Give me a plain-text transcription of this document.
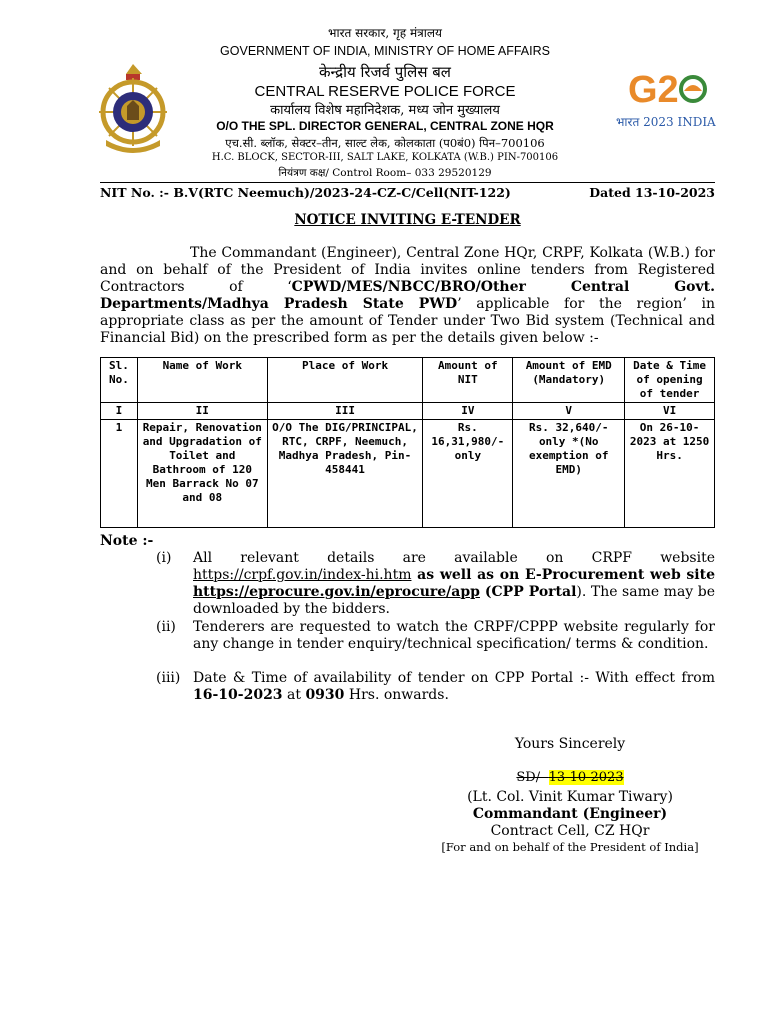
भारत सरकार, गृह मंत्रालय
GOVERNMENT OF INDIA, MINISTRY OF HOME AFFAIRS
केन्द्रीय रिजर्व पुलिस बल
CENTRAL RESERVE POLICE FORCE
कार्यालय विशेष महानिदेशक, मध्य जोन मुख्यालय
O/O THE SPL. DIRECTOR GENERAL, CENTRAL ZONE HQR
एच.सी. ब्लॉक, सेक्टर–तीन, साल्ट लेक, कोलकाता (प0बं0) पिन–700106
H.C. BLOCK, SECTOR-III, SALT LAKE, KOLKATA (W.B.) PIN-700106
नियंत्रण कक्ष/ Control Room– 033 29520129
G2
भारत 2023 INDIA
NIT No. :- B.V(RTC Neemuch)/2023-24-CZ-C/Cell(NIT-122)	Dated 13-10-2023
NOTICE INVITING E-TENDER
The Commandant (Engineer), Central Zone HQr, CRPF, Kolkata (W.B.) for and on behalf of the President of India invites online tenders from Registered Contractors of ‘CPWD/MES/NBCC/BRO/Other Central Govt. Departments/Madhya Pradesh State PWD’ applicable for the region’ in appropriate class as per the amount of Tender under Two Bid system (Technical and Financial Bid) on the prescribed form as per the details given below :-
Sl. No.	Name of Work	Place of Work	Amount of NIT	Amount of EMD (Mandatory)	Date & Time of opening of tender
I	II	III	IV	V	VI
1	Repair, Renovation and Upgradation of Toilet and Bathroom of 120 Men Barrack No 07 and 08	O/O The DIG/PRINCIPAL, RTC, CRPF, Neemuch, Madhya Pradesh, Pin-458441	Rs. 16,31,980/- only	Rs. 32,640/- only *(No exemption of EMD)	On 26-10-2023 at 1250 Hrs.
Note :-
(i)	All relevant details are available on CRPF website https://crpf.gov.in/index-hi.htm as well as on E-Procurement web site https://eprocure.gov.in/eprocure/app (CPP Portal). The same may be downloaded by the bidders.
(ii)	Tenderers are requested to watch the CRPF/CPPP website regularly for any change in tender enquiry/technical specification/ terms & condition.
(iii) Date & Time of availability of tender on CPP Portal :- With effect from 16-10-2023 at 0930 Hrs. onwards.
Yours Sincerely
SD/- 13-10-2023
(Lt. Col. Vinit Kumar Tiwary)
Commandant (Engineer)
Contract Cell, CZ HQr
[For and on behalf of the President of India]
